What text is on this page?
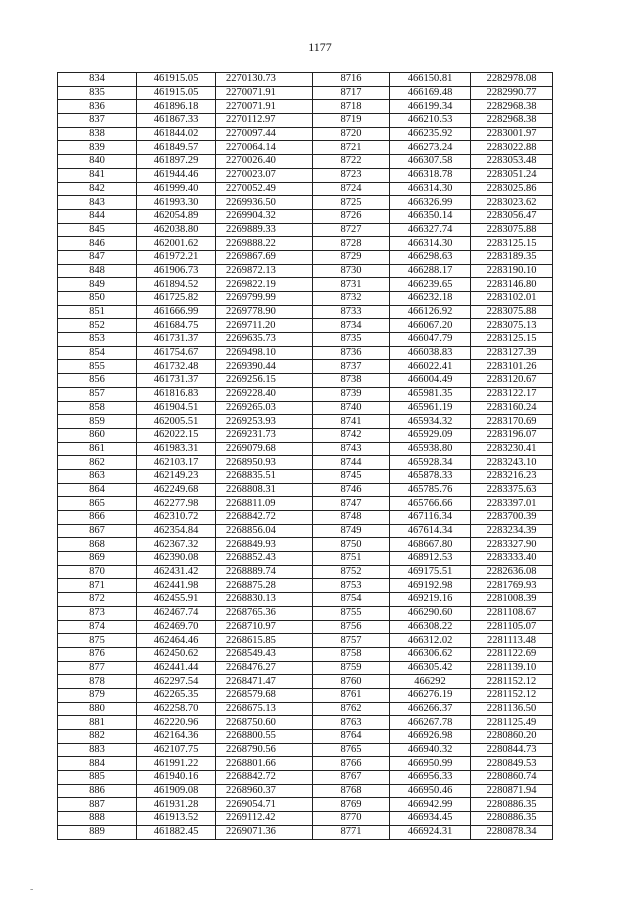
1177
834	461915.05	2270130.73	8716	466150.81	2282978.08
835	461915.05	2270071.91	8717	466169.48	2282990.77
836	461896.18	2270071.91	8718	466199.34	2282968.38
837	461867.33	2270112.97	8719	466210.53	2282968.38
838	461844.02	2270097.44	8720	466235.92	2283001.97
839	461849.57	2270064.14	8721	466273.24	2283022.88
840	461897.29	2270026.40	8722	466307.58	2283053.48
841	461944.46	2270023.07	8723	466318.78	2283051.24
842	461999.40	2270052.49	8724	466314.30	2283025.86
843	461993.30	2269936.50	8725	466326.99	2283023.62
844	462054.89	2269904.32	8726	466350.14	2283056.47
845	462038.80	2269889.33	8727	466327.74	2283075.88
846	462001.62	2269888.22	8728	466314.30	2283125.15
847	461972.21	2269867.69	8729	466298.63	2283189.35
848	461906.73	2269872.13	8730	466288.17	2283190.10
849	461894.52	2269822.19	8731	466239.65	2283146.80
850	461725.82	2269799.99	8732	466232.18	2283102.01
851	461666.99	2269778.90	8733	466126.92	2283075.88
852	461684.75	2269711.20	8734	466067.20	2283075.13
853	461731.37	2269635.73	8735	466047.79	2283125.15
854	461754.67	2269498.10	8736	466038.83	2283127.39
855	461732.48	2269390.44	8737	466022.41	2283101.26
856	461731.37	2269256.15	8738	466004.49	2283120.67
857	461816.83	2269228.40	8739	465981.35	2283122.17
858	461904.51	2269265.03	8740	465961.19	2283160.24
859	462005.51	2269253.93	8741	465934.32	2283170.69
860	462022.15	2269231.73	8742	465929.09	2283196.07
861	461983.31	2269079.68	8743	465938.80	2283230.41
862	462103.17	2268950.93	8744	465928.34	2283243.10
863	462149.23	2268835.51	8745	465878.33	2283216.23
864	462249.68	2268808.31	8746	465785.76	2283375.63
865	462277.98	2268811.09	8747	465766.66	2283397.01
866	462310.72	2268842.72	8748	467116.34	2283700.39
867	462354.84	2268856.04	8749	467614.34	2283234.39
868	462367.32	2268849.93	8750	468667.80	2283327.90
869	462390.08	2268852.43	8751	468912.53	2283333.40
870	462431.42	2268889.74	8752	469175.51	2282636.08
871	462441.98	2268875.28	8753	469192.98	2281769.93
872	462455.91	2268830.13	8754	469219.16	2281008.39
873	462467.74	2268765.36	8755	466290.60	2281108.67
874	462469.70	2268710.97	8756	466308.22	2281105.07
875	462464.46	2268615.85	8757	466312.02	2281113.48
876	462450.62	2268549.43	8758	466306.62	2281122.69
877	462441.44	2268476.27	8759	466305.42	2281139.10
878	462297.54	2268471.47	8760	466292	2281152.12
879	462265.35	2268579.68	8761	466276.19	2281152.12
880	462258.70	2268675.13	8762	466266.37	2281136.50
881	462220.96	2268750.60	8763	466267.78	2281125.49
882	462164.36	2268800.55	8764	466926.98	2280860.20
883	462107.75	2268790.56	8765	466940.32	2280844.73
884	461991.22	2268801.66	8766	466950.99	2280849.53
885	461940.16	2268842.72	8767	466956.33	2280860.74
886	461909.08	2268960.37	8768	466950.46	2280871.94
887	461931.28	2269054.71	8769	466942.99	2280886.35
888	461913.52	2269112.42	8770	466934.45	2280886.35
889	461882.45	2269071.36	8771	466924.31	2280878.34
-
